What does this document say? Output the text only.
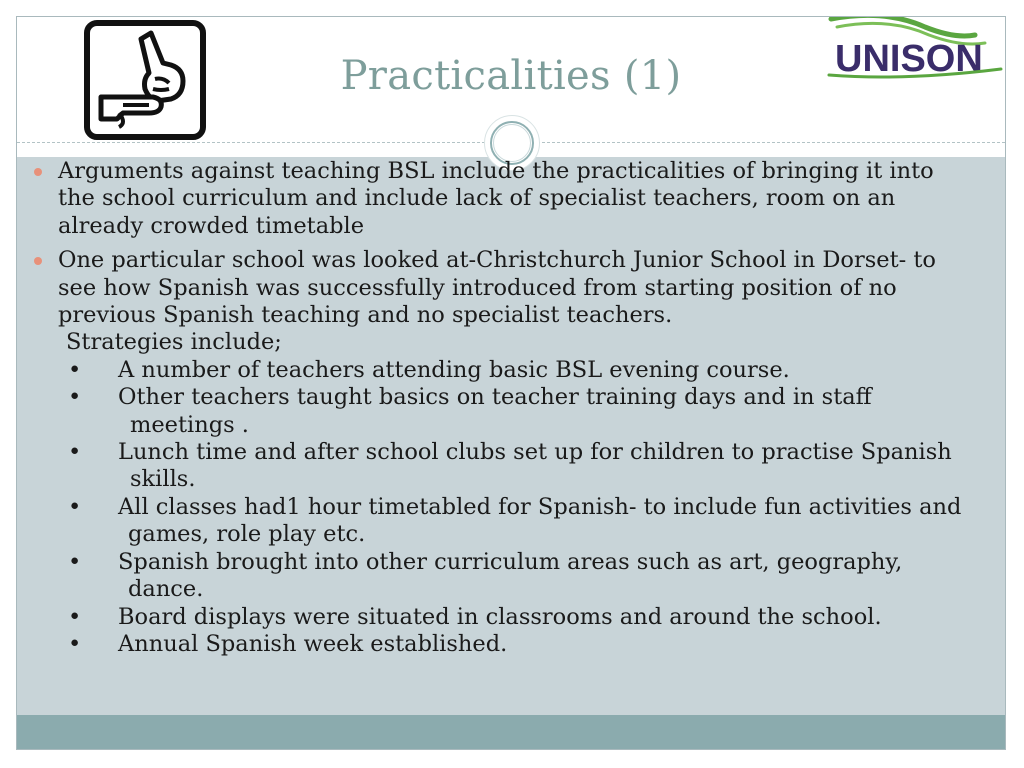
Practicalities (1)	UNISON
Arguments against teaching BSL include the practicalities of bringing it into the school curriculum and include lack of specialist teachers, room on an already crowded timetable
One particular school was looked at-Christchurch Junior School in Dorset- to see how Spanish was successfully introduced from starting position of no previous Spanish teaching and no specialist teachers.
Strategies include;
• A number of teachers attending basic BSL evening course.
• Other teachers taught basics on teacher training days and in staff meetings .
• Lunch time and after school clubs set up for children to practise Spanish skills.
• All classes had1 hour timetabled for Spanish- to include fun activities and games, role play etc.
• Spanish brought into other curriculum areas such as art, geography, dance.
• Board displays were situated in classrooms and around the school.
• Annual Spanish week established.
